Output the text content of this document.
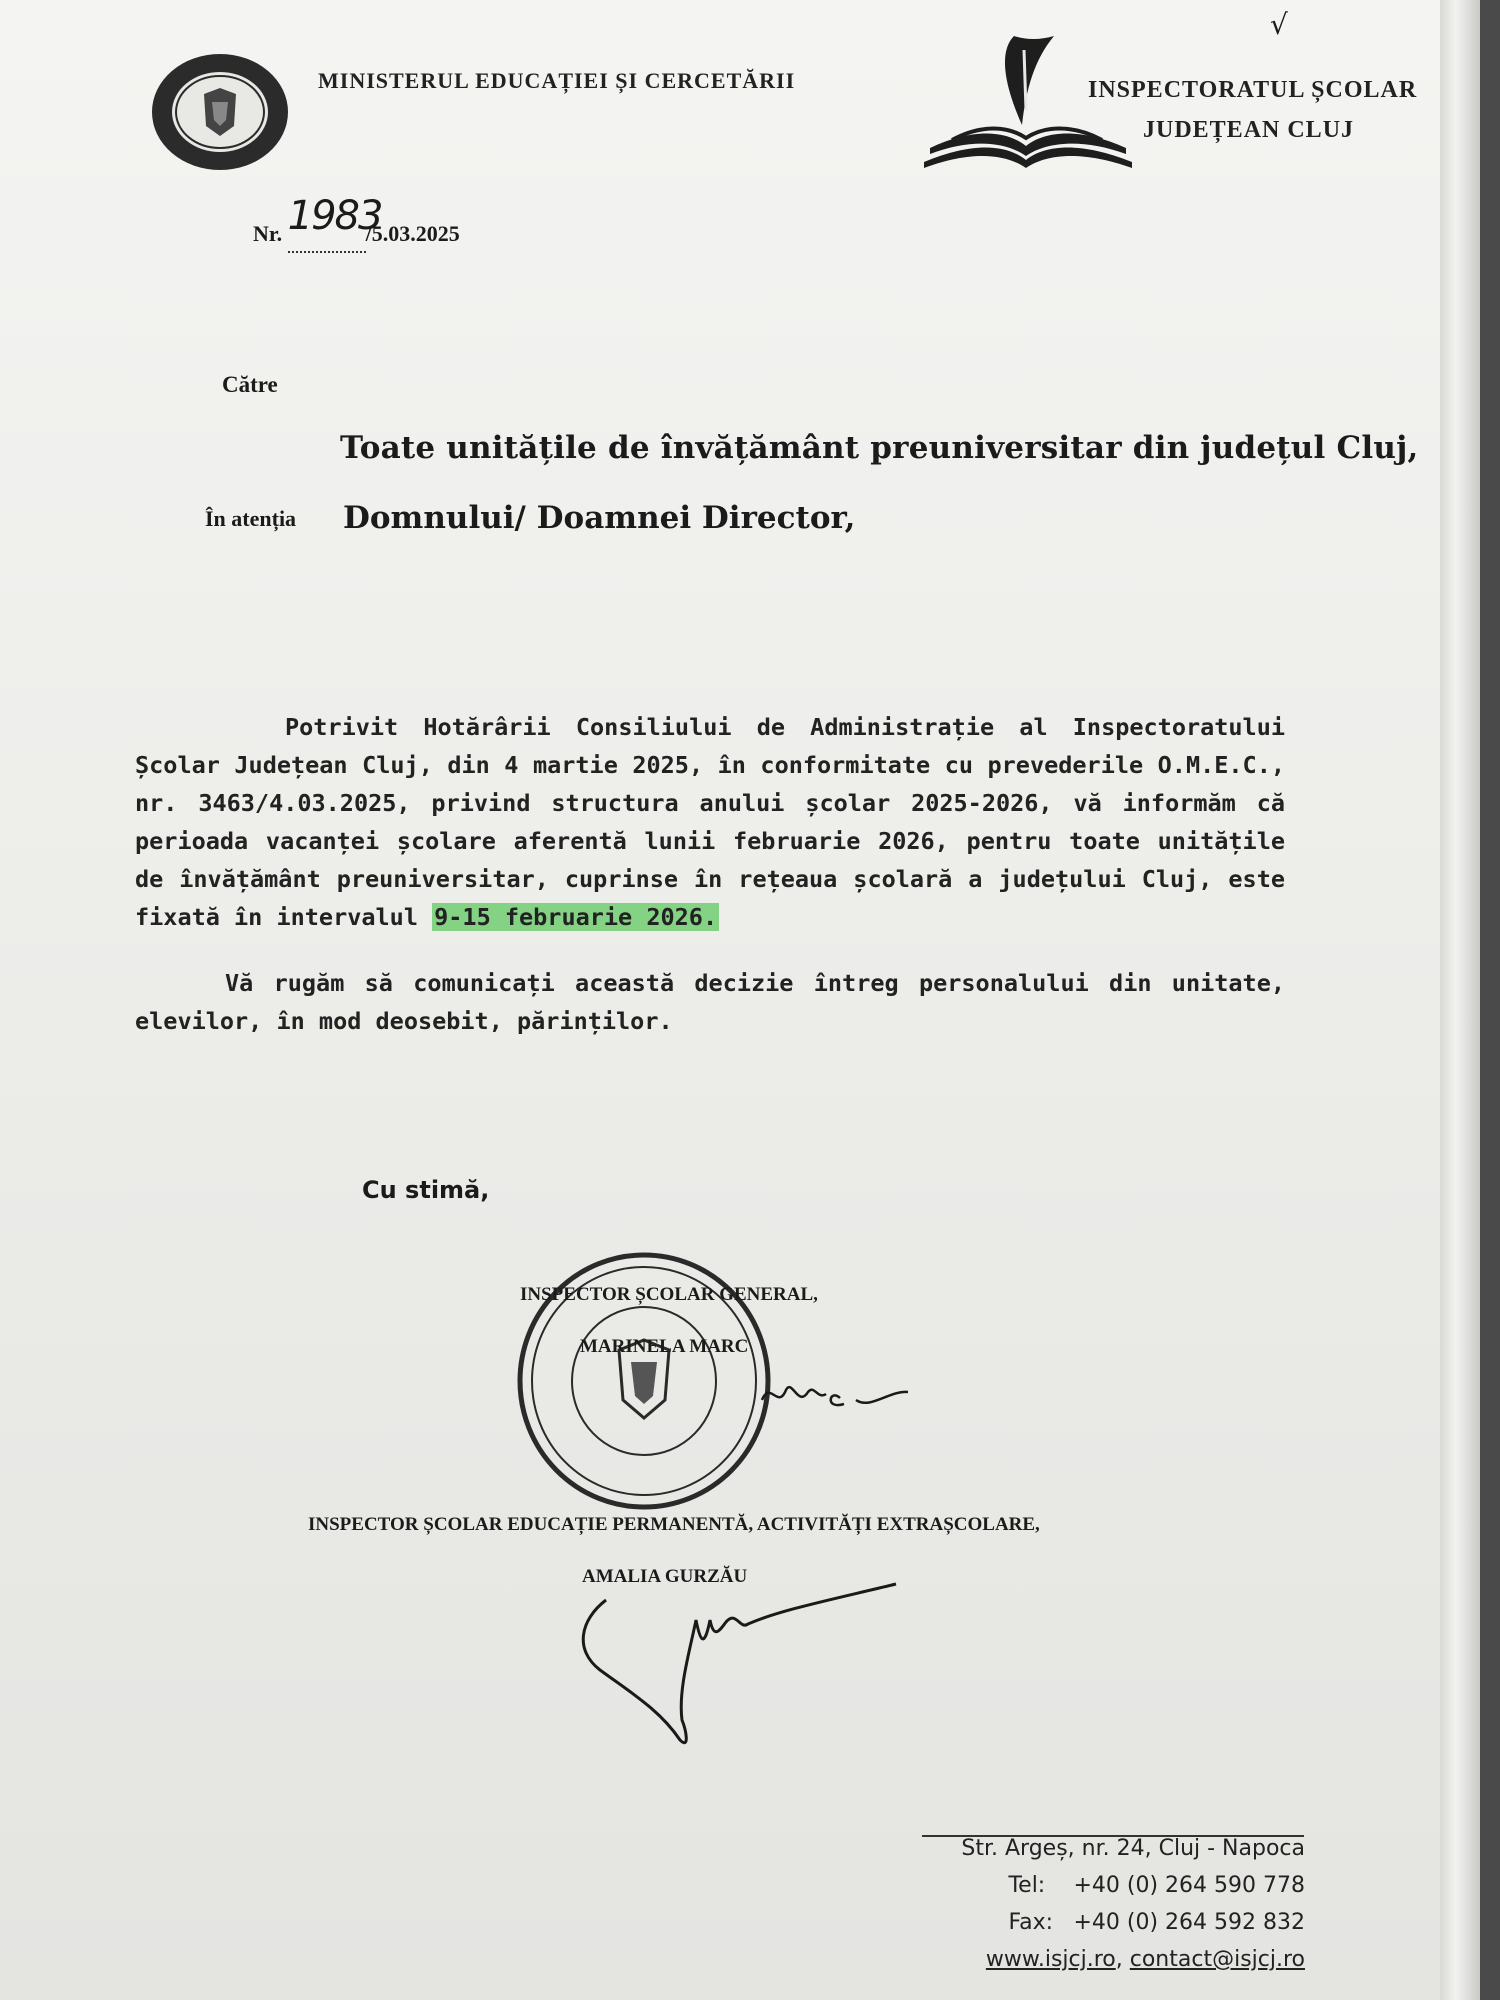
√
MINISTERUL EDUCAȚIEI ȘI CERCETĂRII	INSPECTORATUL ȘCOLAR
JUDEȚEAN CLUJ
Nr. 1983/5.03.2025
Către
Toate unitățile de învățământ preuniversitar din județul Cluj,
În atenția Domnului/ Doamnei Director,

Potrivit Hotărârii Consiliului de Administrație al Inspectoratului Școlar Județean Cluj, din 4 martie 2025, în conformitate cu prevederile O.M.E.C., nr. 3463/4.03.2025, privind structura anului școlar 2025-2026, vă informăm că perioada vacanței școlare aferentă lunii februarie 2026, pentru toate unitățile de învățământ preuniversitar, cuprinse în rețeaua școlară a județului Cluj, este fixată în intervalul 9-15 februarie 2026.

Vă rugăm să comunicați această decizie întreg personalului din unitate, elevilor, în mod deosebit, părinților.

Cu stimă,
INSPECTOR ȘCOLAR GENERAL,
MARINELA MARC
INSPECTOR ȘCOLAR EDUCAȚIE PERMANENTĂ, ACTIVITĂȚI EXTRAȘCOLARE,
AMALIA GURZĂU
Str. Argeș, nr. 24, Cluj - Napoca
Tel: +40 (0) 264 590 778
Fax: +40 (0) 264 592 832
www.isjcj.ro, contact@isjcj.ro
